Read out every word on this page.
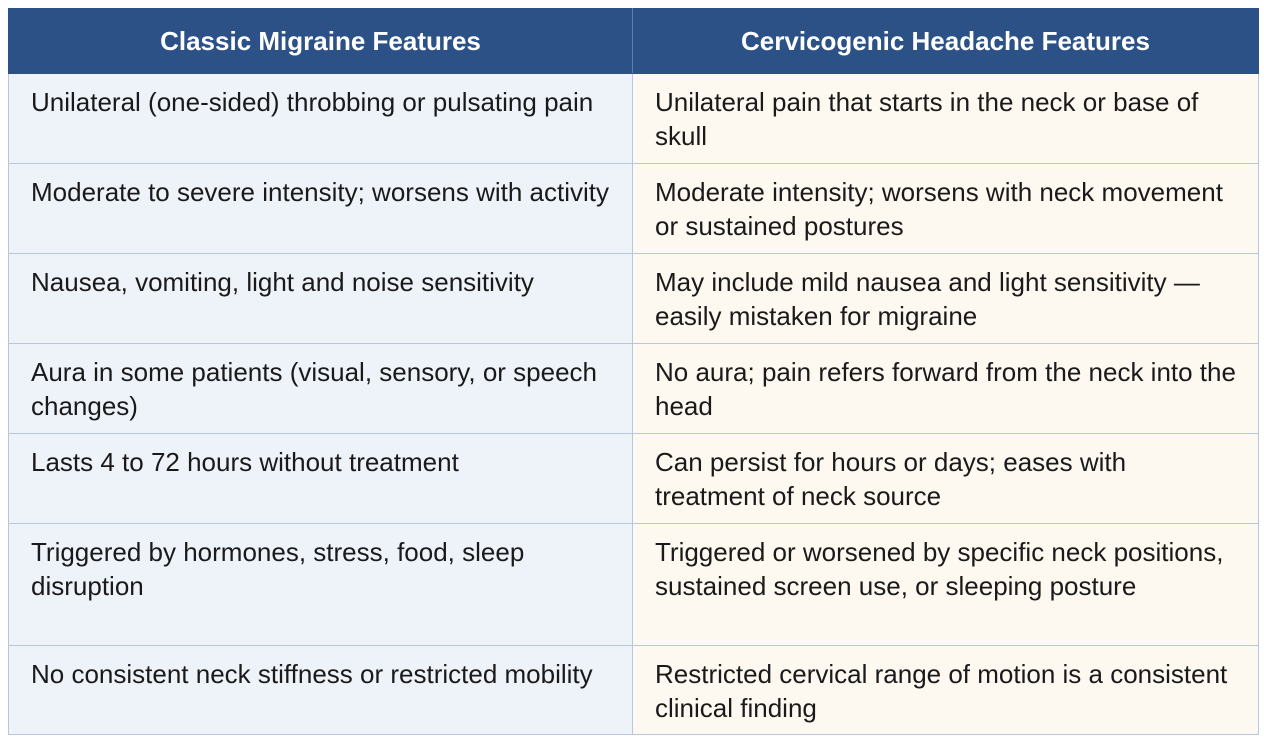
Classic Migraine Features	Cervicogenic Headache Features
Unilateral (one-sided) throbbing or pulsating pain	Unilateral pain that starts in the neck or base of skull
Moderate to severe intensity; worsens with activity	Moderate intensity; worsens with neck movement or sustained postures
Nausea, vomiting, light and noise sensitivity	May include mild nausea and light sensitivity — easily mistaken for migraine
Aura in some patients (visual, sensory, or speech changes)	No aura; pain refers forward from the neck into the head
Lasts 4 to 72 hours without treatment	Can persist for hours or days; eases with treatment of neck source
Triggered by hormones, stress, food, sleep disruption	Triggered or worsened by specific neck positions, sustained screen use, or sleeping posture
No consistent neck stiffness or restricted mobility	Restricted cervical range of motion is a consistent clinical finding
